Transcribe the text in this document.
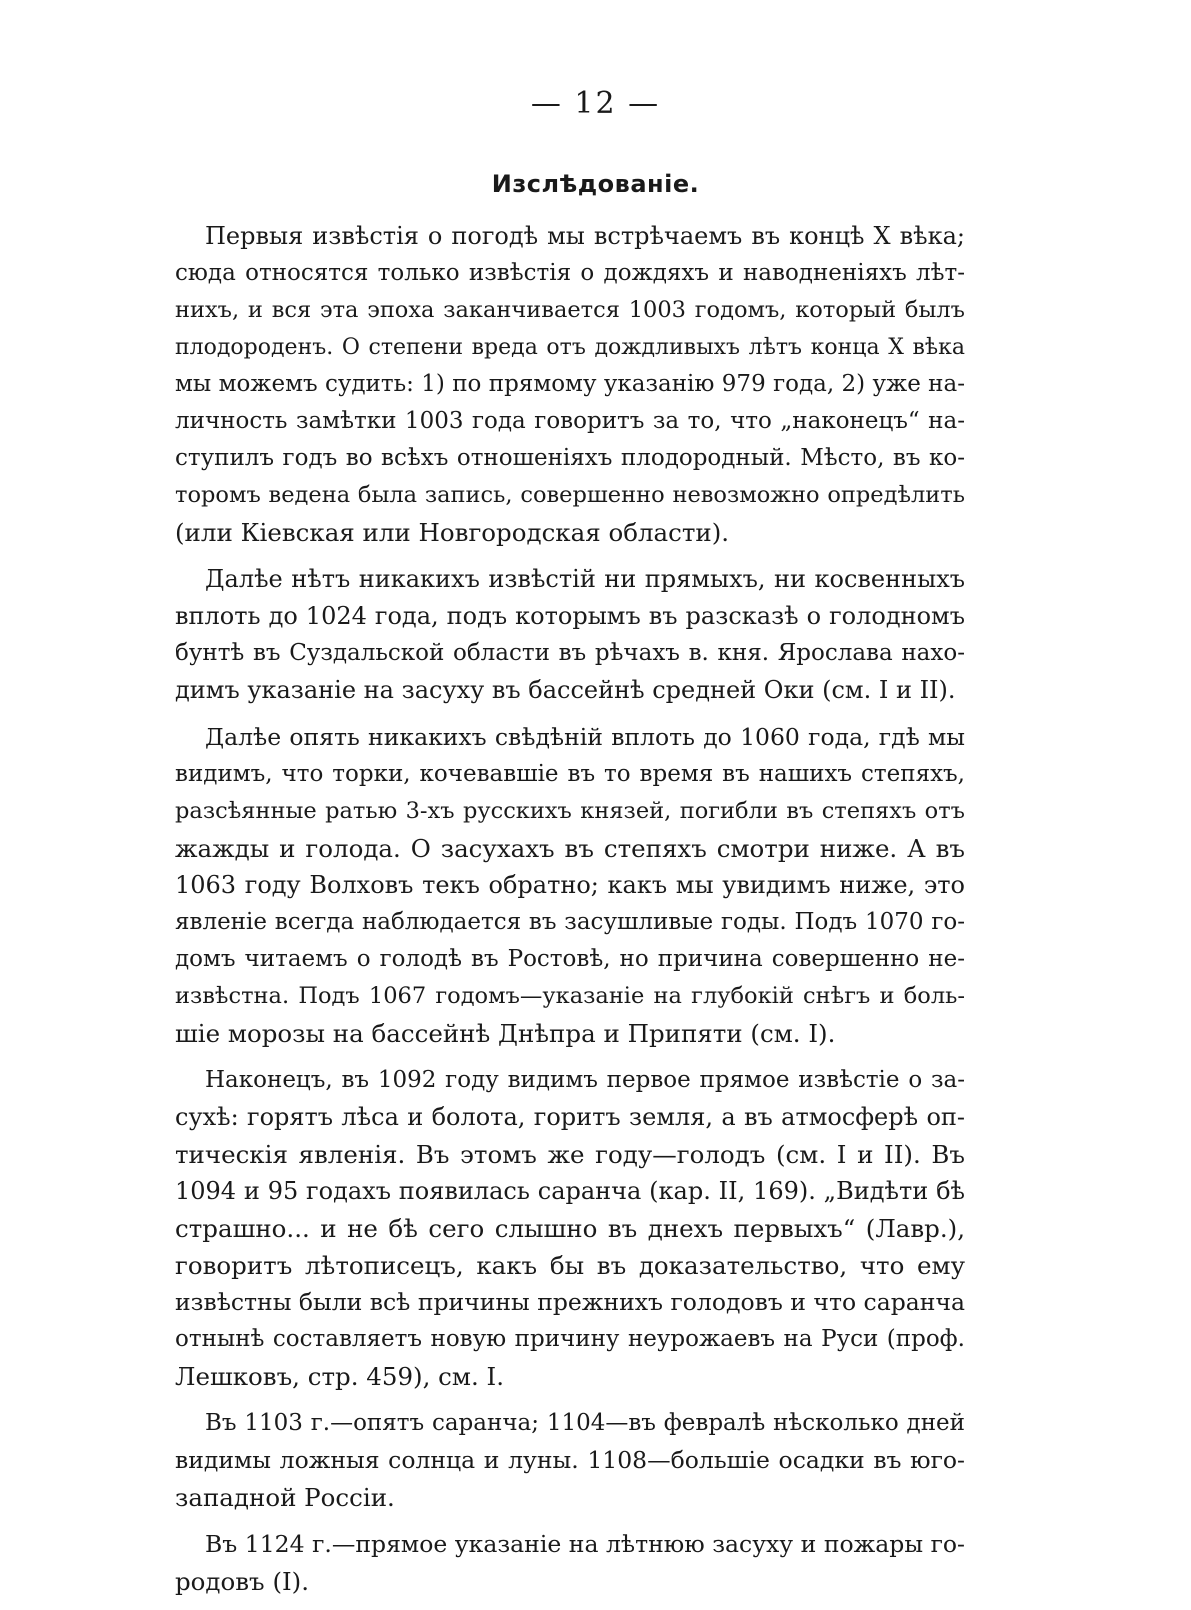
— 12 —
Изслѣдованіе.
Первыя извѣстія о погодѣ мы встрѣчаемъ въ концѣ X вѣка;
сюда относятся только извѣстія о дождяхъ и наводненіяхъ лѣт-
нихъ, и вся эта эпоха заканчивается 1003 годомъ, который былъ
плодороденъ. О степени вреда отъ дождливыхъ лѣтъ конца X вѣка
мы можемъ судить: 1) по прямому указанію 979 года, 2) уже на-
личность замѣтки 1003 года говоритъ за то, что „наконецъ“ на-
ступилъ годъ во всѣхъ отношеніяхъ плодородный. Мѣсто, въ ко-
торомъ ведена была запись, совершенно невозможно опредѣлить
(или Кіевская или Новгородская области).
Далѣе нѣтъ никакихъ извѣстій ни прямыхъ, ни косвенныхъ
вплоть до 1024 года, подъ которымъ въ разсказѣ о голодномъ
бунтѣ въ Суздальской области въ рѣчахъ в. кня. Ярослава нахо-
димъ указаніе на засуху въ бассейнѣ средней Оки (см. I и II).
Далѣе опять никакихъ свѣдѣній вплоть до 1060 года, гдѣ мы
видимъ, что торки, кочевавшіе въ то время въ нашихъ степяхъ,
разсѣянные ратью 3-хъ русскихъ князей, погибли въ степяхъ отъ
жажды и голода. О засухахъ въ степяхъ смотри ниже. А въ
1063 году Волховъ текъ обратно; какъ мы увидимъ ниже, это
явленіе всегда наблюдается въ засушливые годы. Подъ 1070 го-
домъ читаемъ о голодѣ въ Ростовѣ, но причина совершенно не-
извѣстна. Подъ 1067 годомъ—указаніе на глубокій снѣгъ и боль-
шіе морозы на бассейнѣ Днѣпра и Припяти (см. I).
Наконецъ, въ 1092 году видимъ первое прямое извѣстіе о за-
сухѣ: горятъ лѣса и болота, горитъ земля, а въ атмосферѣ оп-
тическія явленія. Въ этомъ же году—голодъ (см. I и II). Въ
1094 и 95 годахъ появилась саранча (кар. II, 169). „Видѣти бѣ
страшно... и не бѣ сего слышно въ днехъ первыхъ“ (Лавр.),
говоритъ лѣтописецъ, какъ бы въ доказательство, что ему
извѣстны были всѣ причины прежнихъ голодовъ и что саранча
отнынѣ составляетъ новую причину неурожаевъ на Руси (проф.
Лешковъ, стр. 459), см. I.
Въ 1103 г.—опятъ саранча; 1104—въ февралѣ нѣсколько дней
видимы ложныя солнца и луны. 1108—большіе осадки въ юго-
западной Россіи.
Въ 1124 г.—прямое указаніе на лѣтнюю засуху и пожары го-
родовъ (I).
